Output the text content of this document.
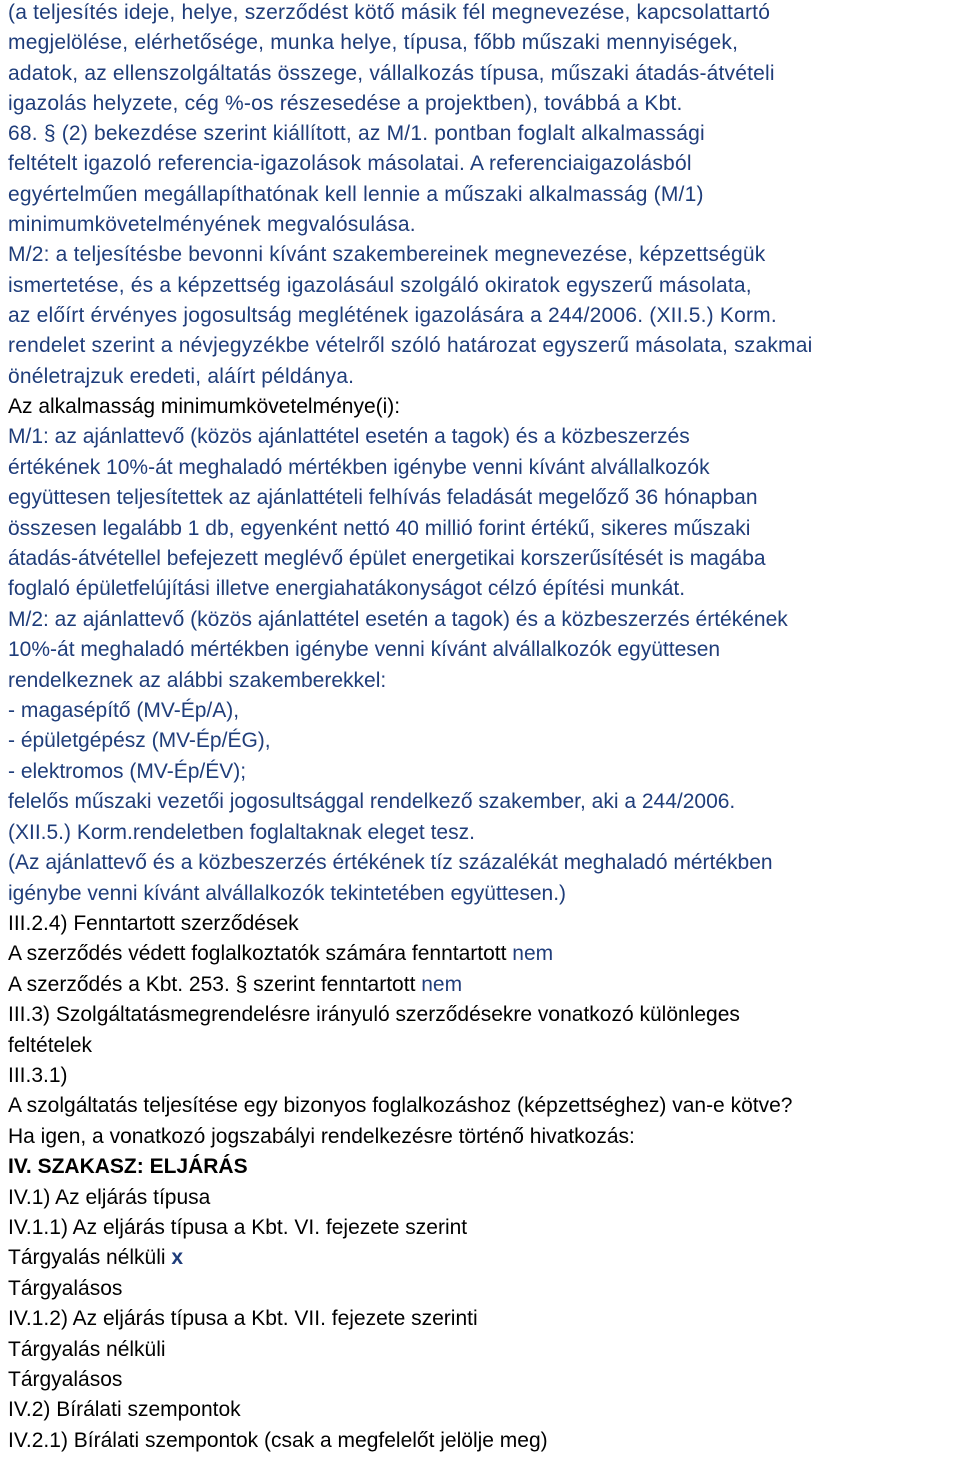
(a teljesítés ideje, helye, szerződést kötő másik fél megnevezése, kapcsolattartó
megjelölése, elérhetősége, munka helye, típusa, főbb műszaki mennyiségek,
adatok, az ellenszolgáltatás összege, vállalkozás típusa, műszaki átadás-átvételi
igazolás helyzete, cég %-os részesedése a projektben), továbbá a Kbt.
68. § (2) bekezdése szerint kiállított, az M/1. pontban foglalt alkalmassági
feltételt igazoló referencia-igazolások másolatai. A referenciaigazolásból
egyértelműen megállapíthatónak kell lennie a műszaki alkalmasság (M/1)
minimumkövetelményének megvalósulása.
M/2: a teljesítésbe bevonni kívánt szakembereinek megnevezése, képzettségük
ismertetése, és a képzettség igazolásául szolgáló okiratok egyszerű másolata,
az előírt érvényes jogosultság meglétének igazolására a 244/2006. (XII.5.) Korm.
rendelet szerint a névjegyzékbe vételről szóló határozat egyszerű másolata, szakmai
önéletrajzuk eredeti, aláírt példánya.
Az alkalmasság minimumkövetelménye(i):
M/1: az ajánlattevő (közös ajánlattétel esetén a tagok) és a közbeszerzés
értékének 10%-át meghaladó mértékben igénybe venni kívánt alvállalkozók
együttesen teljesítettek az ajánlattételi felhívás feladását megelőző 36 hónapban
összesen legalább 1 db, egyenként nettó 40 millió forint értékű, sikeres műszaki
átadás-átvétellel befejezett meglévő épület energetikai korszerűsítését is magába
foglaló épületfelújítási illetve energiahatákonyságot célzó építési munkát.
M/2: az ajánlattevő (közös ajánlattétel esetén a tagok) és a közbeszerzés értékének
10%-át meghaladó mértékben igénybe venni kívánt alvállalkozók együttesen
rendelkeznek az alábbi szakemberekkel:
- magasépítő (MV-Ép/A),
- épületgépész (MV-Ép/ÉG),
- elektromos (MV-Ép/ÉV);
felelős műszaki vezetői jogosultsággal rendelkező szakember, aki a 244/2006.
(XII.5.) Korm.rendeletben foglaltaknak eleget tesz.
(Az ajánlattevő és a közbeszerzés értékének tíz százalékát meghaladó mértékben
igénybe venni kívánt alvállalkozók tekintetében együttesen.)
III.2.4) Fenntartott szerződések
A szerződés védett foglalkoztatók számára fenntartott nem
A szerződés a Kbt. 253. § szerint fenntartott nem
III.3) Szolgáltatásmegrendelésre irányuló szerződésekre vonatkozó különleges
feltételek
III.3.1)
A szolgáltatás teljesítése egy bizonyos foglalkozáshoz (képzettséghez) van-e kötve?
Ha igen, a vonatkozó jogszabályi rendelkezésre történő hivatkozás:
IV. SZAKASZ: ELJÁRÁS
IV.1) Az eljárás típusa
IV.1.1) Az eljárás típusa a Kbt. VI. fejezete szerint
Tárgyalás nélküli x
Tárgyalásos
IV.1.2) Az eljárás típusa a Kbt. VII. fejezete szerinti
Tárgyalás nélküli
Tárgyalásos
IV.2) Bírálati szempontok
IV.2.1) Bírálati szempontok (csak a megfelelőt jelölje meg)
